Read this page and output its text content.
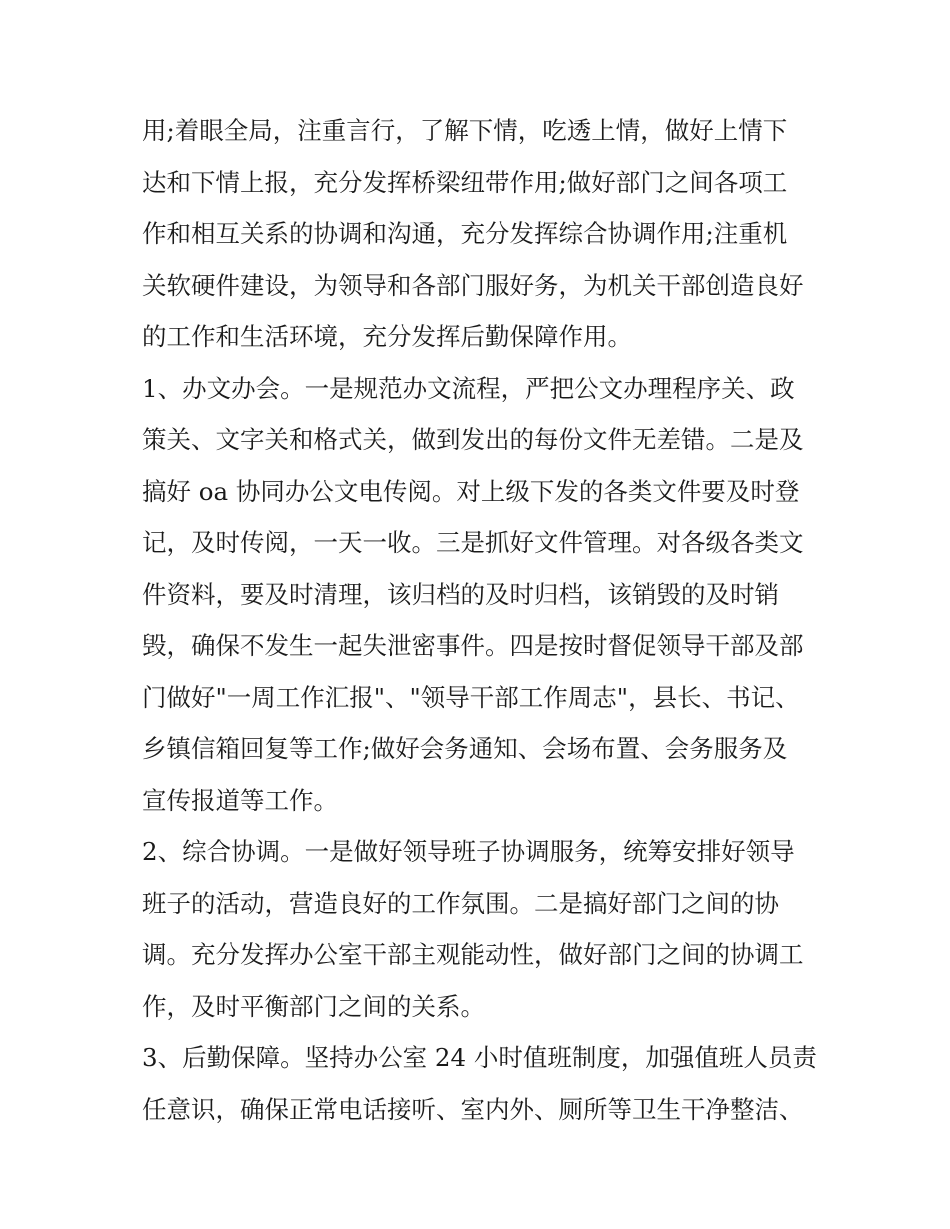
用;着眼全局，注重言行，了解下情，吃透上情，做好上情下
达和下情上报，充分发挥桥梁纽带作用;做好部门之间各项工
作和相互关系的协调和沟通，充分发挥综合协调作用;注重机
关软硬件建设，为领导和各部门服好务，为机关干部创造良好
的工作和生活环境，充分发挥后勤保障作用。
1、办文办会。一是规范办文流程，严把公文办理程序关、政
策关、文字关和格式关，做到发出的每份文件无差错。二是及
搞好 oa 协同办公文电传阅。对上级下发的各类文件要及时登
记，及时传阅，一天一收。三是抓好文件管理。对各级各类文
件资料，要及时清理，该归档的及时归档，该销毁的及时销
毁，确保不发生一起失泄密事件。四是按时督促领导干部及部
门做好"一周工作汇报"、"领导干部工作周志"，县长、书记、
乡镇信箱回复等工作;做好会务通知、会场布置、会务服务及
宣传报道等工作。
2、综合协调。一是做好领导班子协调服务，统筹安排好领导
班子的活动，营造良好的工作氛围。二是搞好部门之间的协
调。充分发挥办公室干部主观能动性，做好部门之间的协调工
作，及时平衡部门之间的关系。
3、后勤保障。坚持办公室 24 小时值班制度，加强值班人员责
任意识，确保正常电话接听、室内外、厕所等卫生干净整洁、
